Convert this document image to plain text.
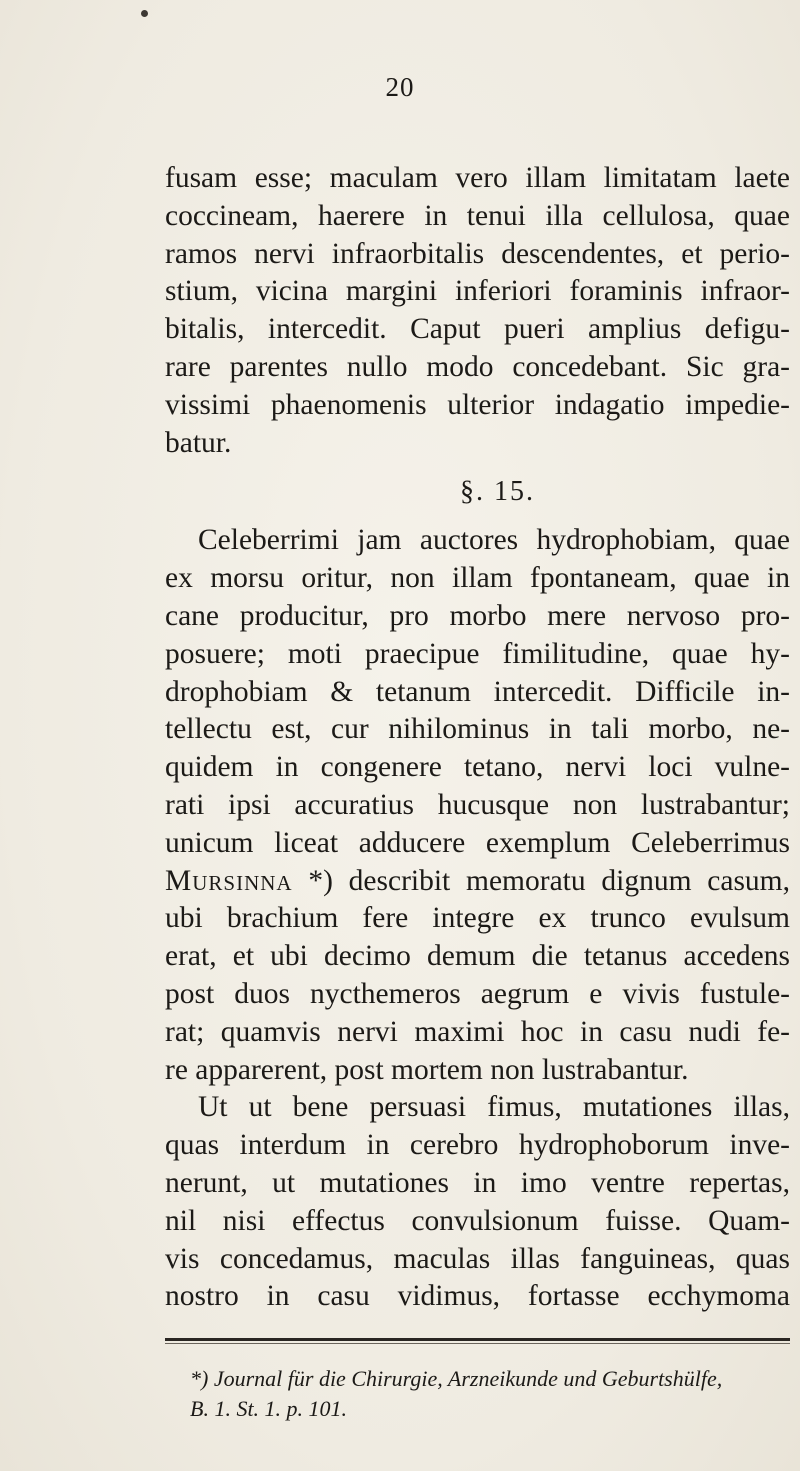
20

fusam esse; maculam vero illam limitatam laete
coccineam, haerere in tenui illa cellulosa, quae
ramos nervi infraorbitalis descendentes, et perio-
stium, vicina margini inferiori foraminis infraor-
bitalis, intercedit. Caput pueri amplius defigu-
rare parentes nullo modo concedebant. Sic gra-
vissimi phaenomenis ulterior indagatio impedie-
batur.

§. 15.

Celeberrimi jam auctores hydrophobiam, quae
ex morsu oritur, non illam fpontaneam, quae in
cane producitur, pro morbo mere nervoso pro-
posuere; moti praecipue fimilitudine, quae hy-
drophobiam & tetanum intercedit. Difficile in-
tellectu est, cur nihilominus in tali morbo, ne-
quidem in congenere tetano, nervi loci vulne-
rati ipsi accuratius hucusque non lustrabantur;
unicum liceat adducere exemplum Celeberrimus
Mursinna *) describit memoratu dignum casum,
ubi brachium fere integre ex trunco evulsum
erat, et ubi decimo demum die tetanus accedens
post duos nycthemeros aegrum e vivis fustule-
rat; quamvis nervi maximi hoc in casu nudi fe-
re apparerent, post mortem non lustrabantur.

Ut ut bene persuasi fimus, mutationes illas,
quas interdum in cerebro hydrophoborum inve-
nerunt, ut mutationes in imo ventre repertas,
nil nisi effectus convulsionum fuisse. Quam-
vis concedamus, maculas illas fanguineas, quas
nostro in casu vidimus, fortasse ecchymoma

*) Journal für die Chirurgie, Arzneikunde und Geburtshülfe,
B. 1. St. 1. p. 101.
